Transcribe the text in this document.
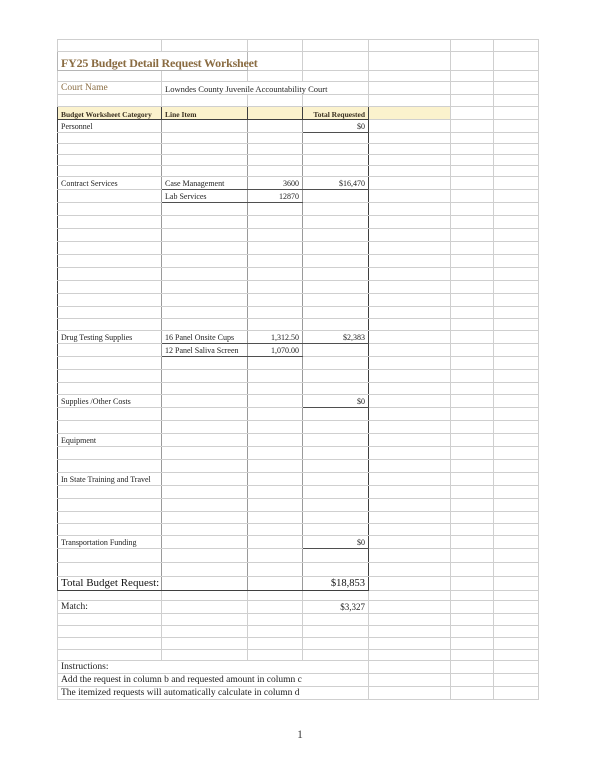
FY25 Budget Detail Request Worksheet						

Court Name	Lowndes County Juvenile Accountability Court					

Budget Worksheet Category	Line Item		Total Requested			
Personnel			$0			

Contract Services	Case Management	3600	$16,470			
	Lab Services	12870				

Drug Testing Supplies	16 Panel Onsite Cups	1,312.50	$2,383			
	12 Panel Saliva Screen	1,070.00				

Supplies /Other Costs			$0			

Equipment						

In State Training and Travel						

Transportation Funding			$0			

Total Budget Request:			$18,853			

Match:			$3,327			

Instructions:						
Add the request in column b and requested amount in column c						
The itemized requests will automatically calculate in column d						
1
